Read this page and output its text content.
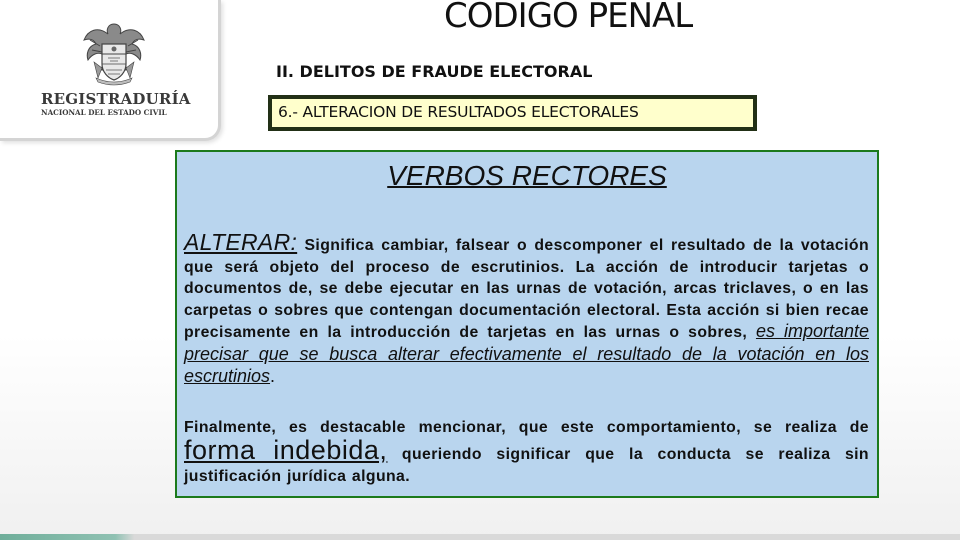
REGISTRADURÍA
NACIONAL DEL ESTADO CIVIL
CODIGO PENAL
II. DELITOS DE FRAUDE ELECTORAL
6.- ALTERACION DE RESULTADOS ELECTORALES
VERBOS RECTORES
ALTERAR: Significa cambiar, falsear o descomponer el resultado de la votación que será objeto del proceso de escrutinios. La acción de introducir tarjetas o documentos de, se debe ejecutar en las urnas de votación, arcas triclaves, o en las carpetas o sobres que contengan documentación electoral. Esta acción si bien recae precisamente en la introducción de tarjetas en las urnas o sobres, es importante precisar que se busca alterar efectivamente el resultado de la votación en los escrutinios.
Finalmente, es destacable mencionar, que este comportamiento, se realiza de forma indebida, queriendo significar que la conducta se realiza sin justificación jurídica alguna.
